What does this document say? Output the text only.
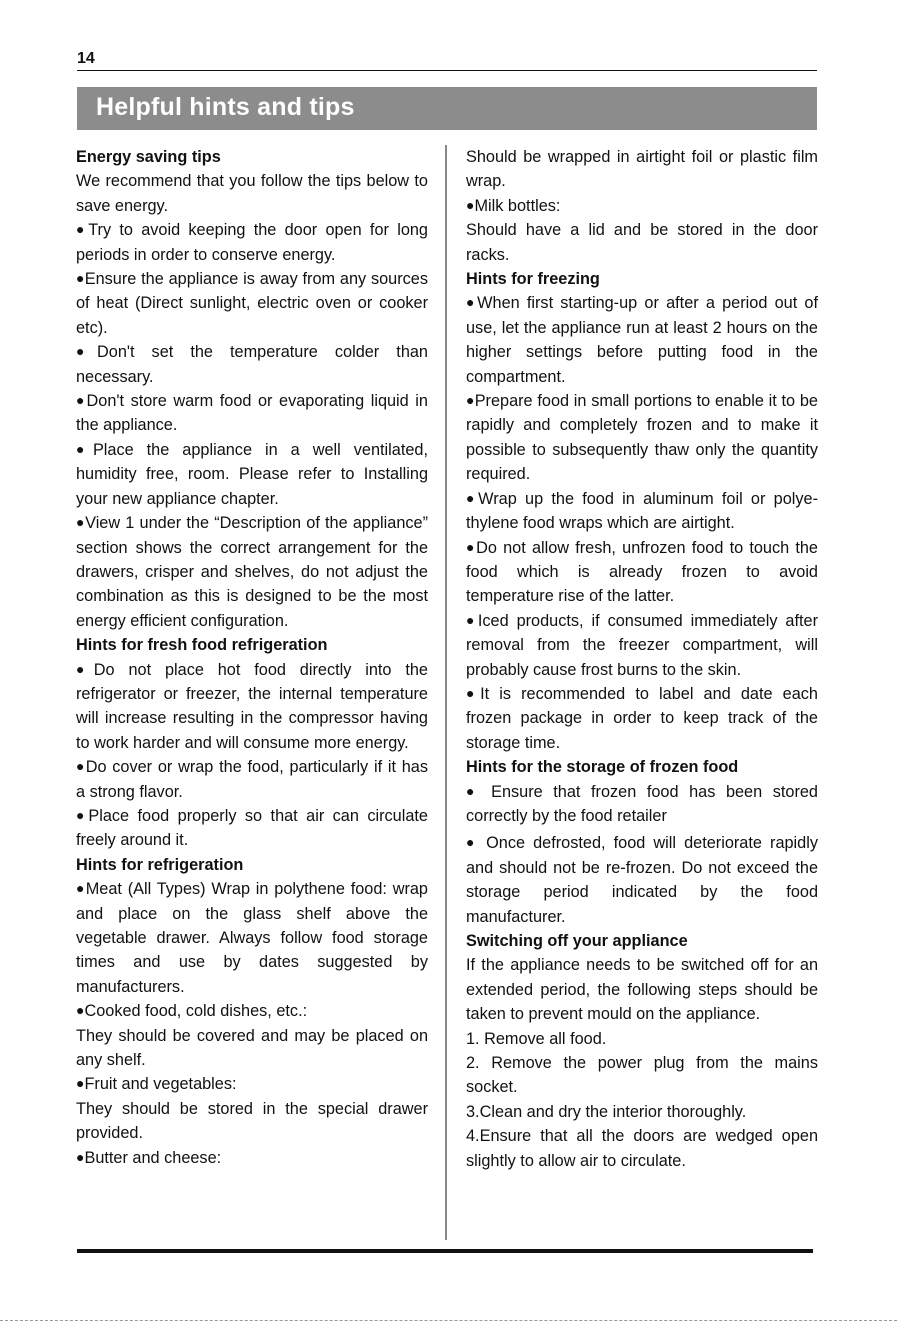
14
Helpful hints and tips
Energy saving tips

We recommend that you follow the tips below to save energy.

●Try to avoid keeping the door open for long periods in order to conserve energy.

●Ensure the appliance is away from any sources of heat (Direct sunlight, electric oven or cooker etc).

●Don't set the temperature colder than necessary.

●Don't store warm food or evaporating liquid in the appliance.

●Place the appliance in a well ventilated, humidity free, room. Please refer to Installing your new appliance chapter.

●View 1 under the “Description of the appliance” section shows the correct arrangement for the drawers, crisper and shelves, do not adjust the combination as this is designed to be the most energy efficient configuration.

Hints for fresh food refrigeration

●Do not place hot food directly into the refrigerator or freezer, the internal temperature will increase resulting in the compressor having to work harder and will consume more energy.

●Do cover or wrap the food, particularly if it has a strong flavor.

●Place food properly so that air can circulate freely around it.

Hints for refrigeration

●Meat (All Types) Wrap in polythene food: wrap and place on the glass shelf above the vegetable drawer. Always follow food storage times and use by dates suggested by manufacturers.

●Cooked food, cold dishes, etc.:

They should be covered and may be placed on any shelf.

●Fruit and vegetables:

They should be stored in the special drawer provided.

●Butter and cheese:

Should be wrapped in airtight foil or plastic film wrap.

●Milk bottles:

Should have a lid and be stored in the door racks.

Hints for freezing

●When first starting-up or after a period out of use, let the appliance run at least 2 hours on the higher settings before putting food in the compartment.

●Prepare food in small portions to enable it to be rapidly and completely frozen and to make it possible to subsequently thaw only the quantity required.

●Wrap up the food in aluminum foil or polye-thylene food wraps which are airtight.

●Do not allow fresh, unfrozen food to touch the food which is already frozen to avoid temperature rise of the latter.

●Iced products, if consumed immediately after removal from the freezer compartment, will probably cause frost burns to the skin.

●It is recommended to label and date each frozen package in order to keep track of the storage time.

Hints for the storage of frozen food

● Ensure that frozen food has been stored correctly by the food retailer

● Once defrosted, food will deteriorate rapidly and should not be re-frozen. Do not exceed the storage period indicated by the food manufacturer.

Switching off your appliance

If the appliance needs to be switched off for an extended period, the following steps should be taken to prevent mould on the appliance.

1. Remove all food.

2. Remove the power plug from the mains socket.

3.Clean and dry the interior thoroughly.

4.Ensure that all the doors are wedged open slightly to allow air to circulate.
